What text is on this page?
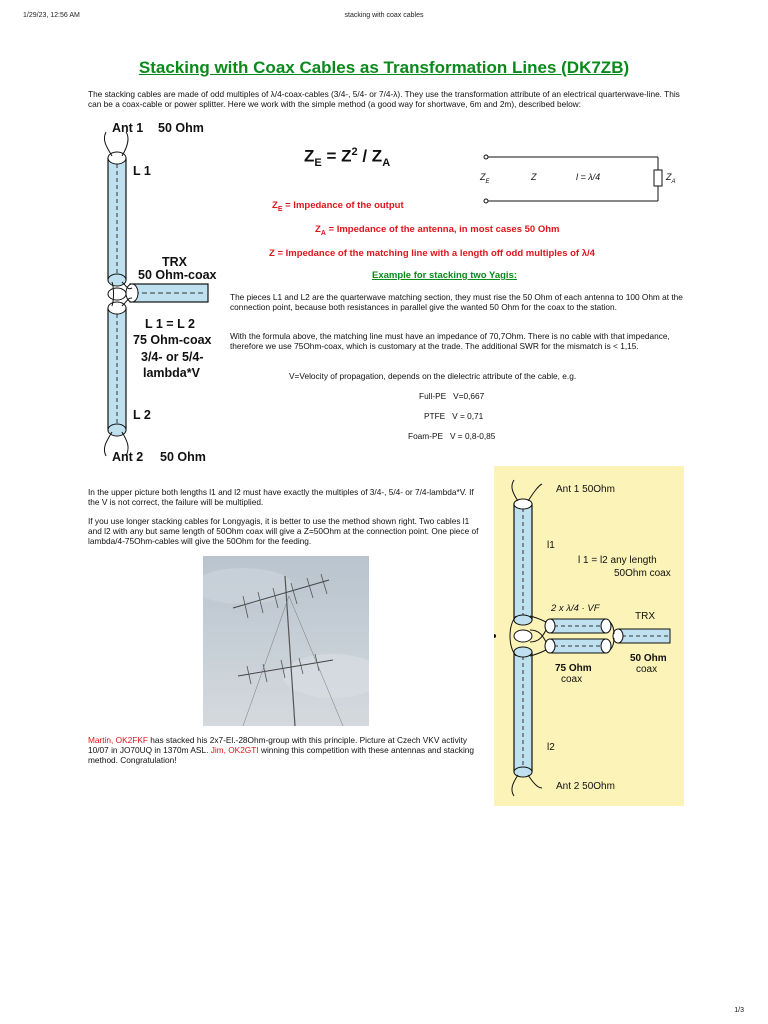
1/29/23, 12:56 AM	stacking with coax cables
Stacking with Coax Cables as Transformation Lines (DK7ZB)
The stacking cables are made of odd multiples of λ/4-coax-cables (3/4-, 5/4- or 7/4-λ). They use the transformation attribute of an electrical quarterwave-line. This can be a coax-cable or power splitter. Here we work with the simple method (a good way for shortwave, 6m and 2m), described below:
Ant 1 50 Ohm
L 1
TRX
50 Ohm-coax
L 1 = L 2
75 Ohm-coax
3/4- or 5/4-
lambda*V
L 2
Ant 2 50 Ohm
$Z_E = Z^2 / Z_A$
$Z_E$	Z	l = λ/4	$Z_A$
$Z_E$ = Impedance of the output
$Z_A$ = Impedance of the antenna, in most cases 50 Ohm
Z = Impedance of the matching line with a length off odd multiples of λ/4
Example for stacking two Yagis:
The pieces L1 and L2 are the quarterwave matching section, they must rise the 50 Ohm of each antenna to 100 Ohm at the connection point, because both resistances in parallel give the wanted 50 Ohm for the coax to the station.
With the formula above, the matching line must have an impedance of 70,7Ohm. There is no cable with that impedance, therefore we use 75Ohm-coax, which is customary at the trade. The additional SWR for the mismatch is < 1,15.
V=Velocity of propagation, depends on the dielectric attribute of the cable, e.g.
Full-PE V=0,667
PTFE V = 0,71
Foam-PE V = 0,8-0,85
In the upper picture both lengths l1 and l2 must have exactly the multiples of 3/4-, 5/4- or 7/4-lambda*V. If the V is not correct, the failure will be multiplied.
If you use longer stacking cables for Longyagis, it is better to use the method shown right. Two cables l1 and l2 with any but same length of 50Ohm coax will give a Z=50Ohm at the connection point. One piece of lambda/4-75Ohm-cables will give the 50Ohm for the feeding.
Martin, OK2FKF has stacked his 2x7-El.-28Ohm-group with this principle. Picture at Czech VKV activity 10/07 in JO70UQ in 1370m ASL. Jim, OK2GTI winning this competition with these antennas and stacking method. Congratulation!
Ant 1 50Ohm
l1
l 1 = l2 any length
50Ohm coax
2 x λ/4 · VF
TRX
75 Ohm
coax
50 Ohm
coax
l2
Ant 2 50Ohm
1/3
